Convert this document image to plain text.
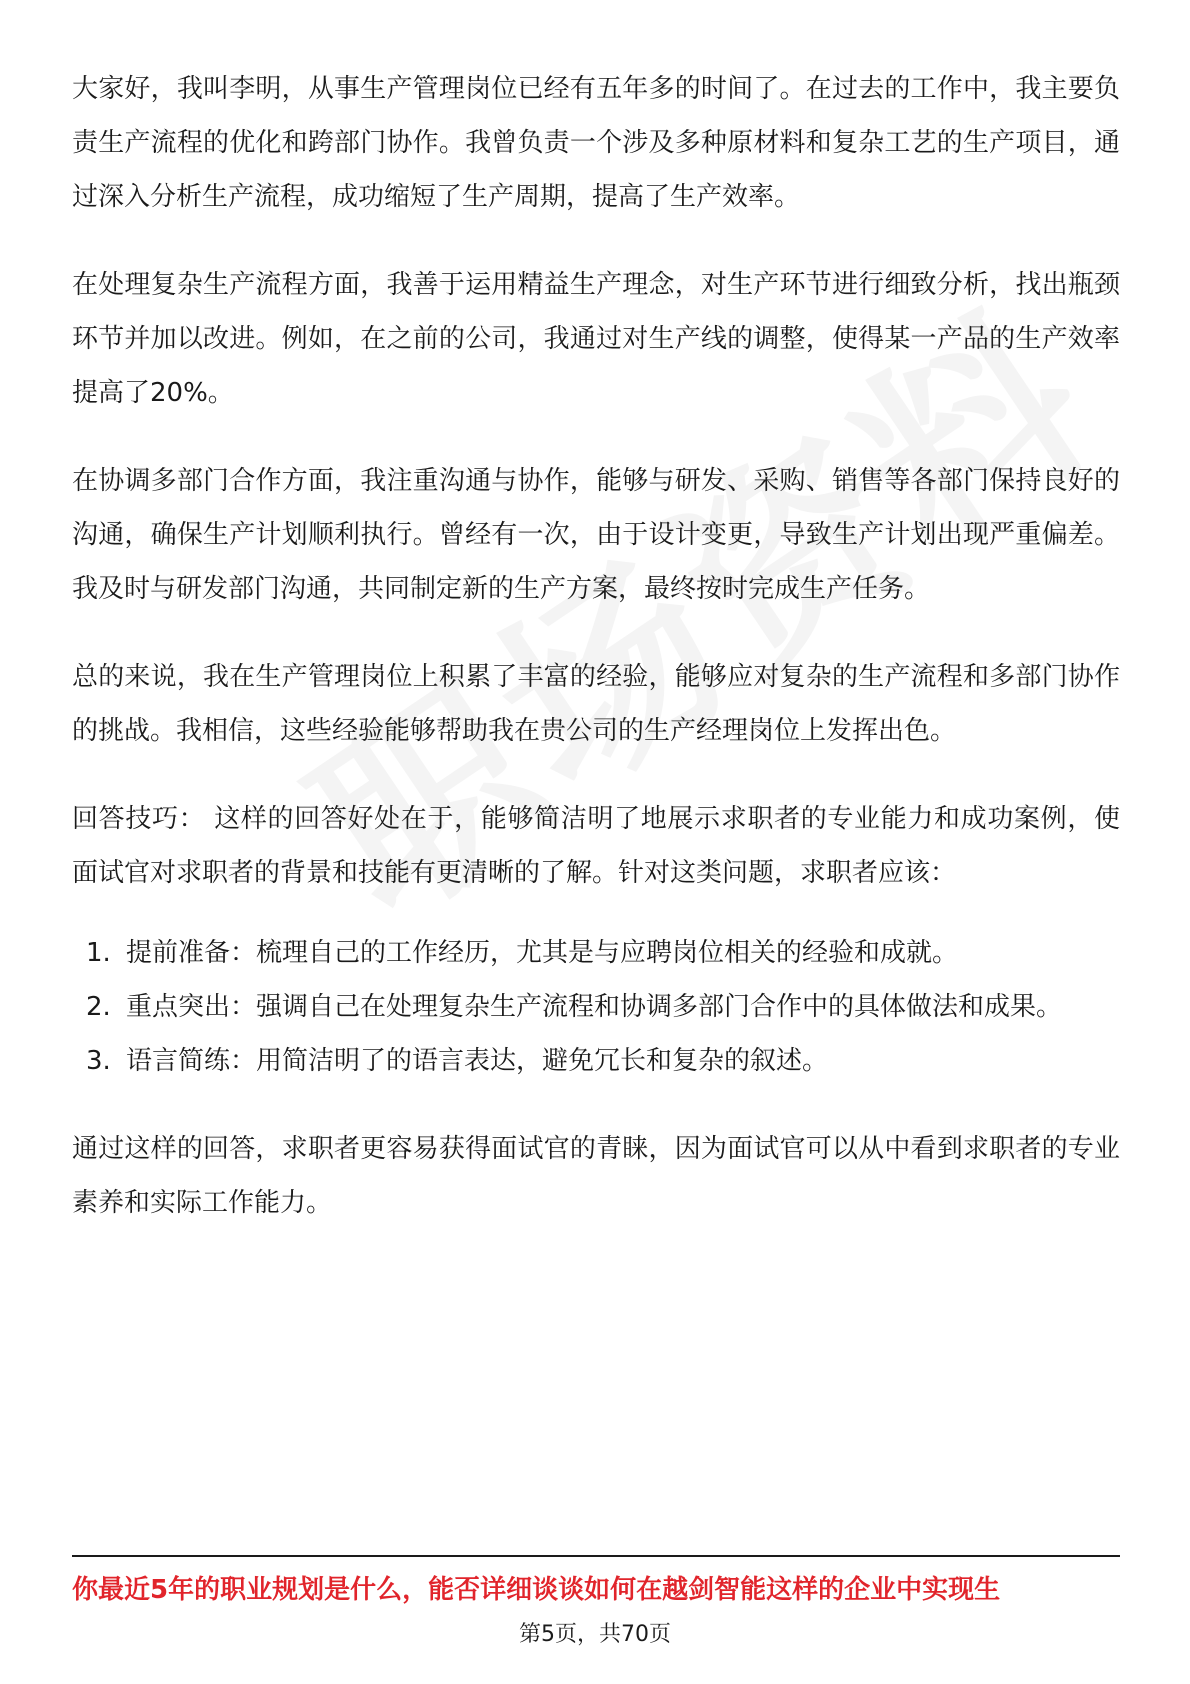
大家好，我叫李明，从事生产管理岗位已经有五年多的时间了。在过去的工作中，我主要负责生产流程的优化和跨部门协作。我曾负责一个涉及多种原材料和复杂工艺的生产项目，通过深入分析生产流程，成功缩短了生产周期，提高了生产效率。

在处理复杂生产流程方面，我善于运用精益生产理念，对生产环节进行细致分析，找出瓶颈环节并加以改进。例如，在之前的公司，我通过对生产线的调整，使得某一产品的生产效率提高了20%。

在协调多部门合作方面，我注重沟通与协作，能够与研发、采购、销售等各部门保持良好的沟通，确保生产计划顺利执行。曾经有一次，由于设计变更，导致生产计划出现严重偏差。我及时与研发部门沟通，共同制定新的生产方案，最终按时完成生产任务。

总的来说，我在生产管理岗位上积累了丰富的经验，能够应对复杂的生产流程和多部门协作的挑战。我相信，这些经验能够帮助我在贵公司的生产经理岗位上发挥出色。

回答技巧： 这样的回答好处在于，能够简洁明了地展示求职者的专业能力和成功案例，使面试官对求职者的背景和技能有更清晰的了解。针对这类问题，求职者应该：

1. 提前准备：梳理自己的工作经历，尤其是与应聘岗位相关的经验和成就。
2. 重点突出：强调自己在处理复杂生产流程和协调多部门合作中的具体做法和成果。
3. 语言简练：用简洁明了的语言表达，避免冗长和复杂的叙述。

通过这样的回答，求职者更容易获得面试官的青睐，因为面试官可以从中看到求职者的专业素养和实际工作能力。

你最近5年的职业规划是什么，能否详细谈谈如何在越剑智能这样的企业中实现生
第5页，共70页
